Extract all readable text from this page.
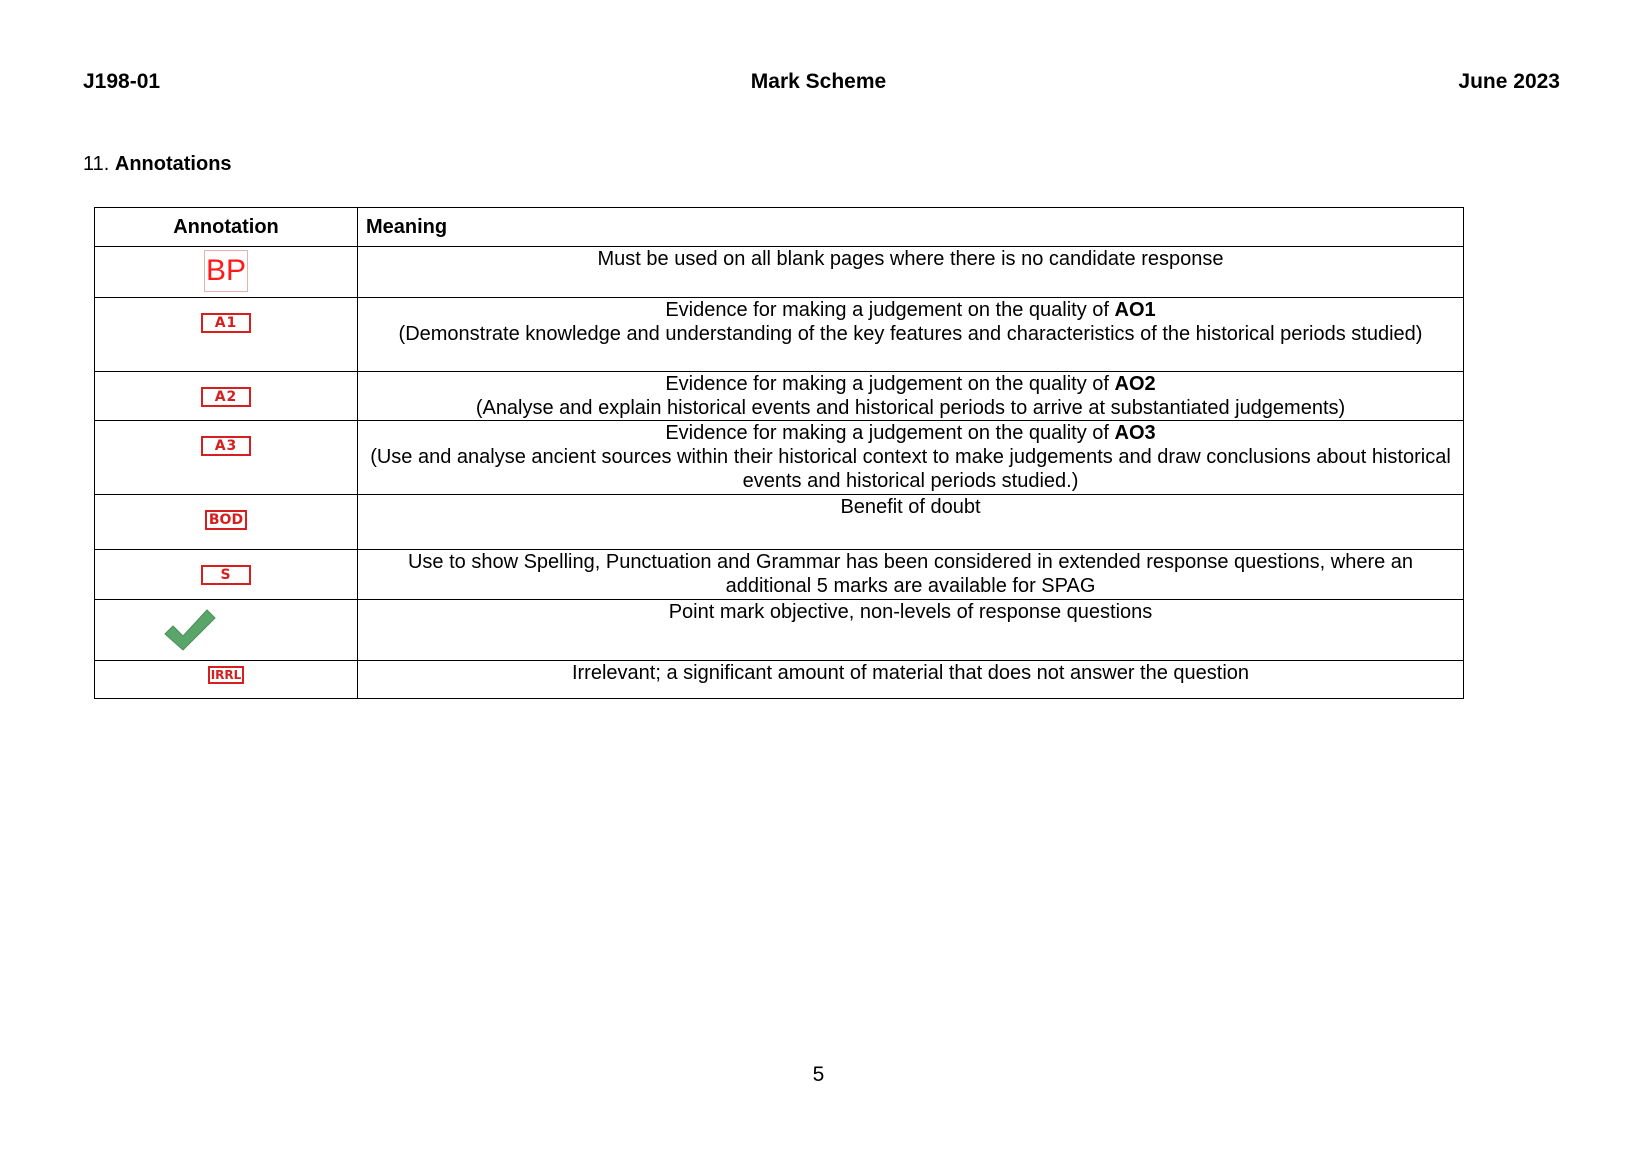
Mark Scheme
J198-01	June 2023
11. Annotations
Annotation	Meaning
BP	Must be used on all blank pages where there is no candidate response
A1	Evidence for making a judgement on the quality of AO1
(Demonstrate knowledge and understanding of the key features and characteristics of the historical periods studied)
A2	Evidence for making a judgement on the quality of AO2
(Analyse and explain historical events and historical periods to arrive at substantiated judgements)
A3	Evidence for making a judgement on the quality of AO3
(Use and analyse ancient sources within their historical context to make judgements and draw conclusions about historical events and historical periods studied.)
BOD	Benefit of doubt
S	Use to show Spelling, Punctuation and Grammar has been considered in extended response questions, where an additional 5 marks are available for SPAG

	Point mark objective, non-levels of response questions
IRRL	Irrelevant; a significant amount of material that does not answer the question
5
